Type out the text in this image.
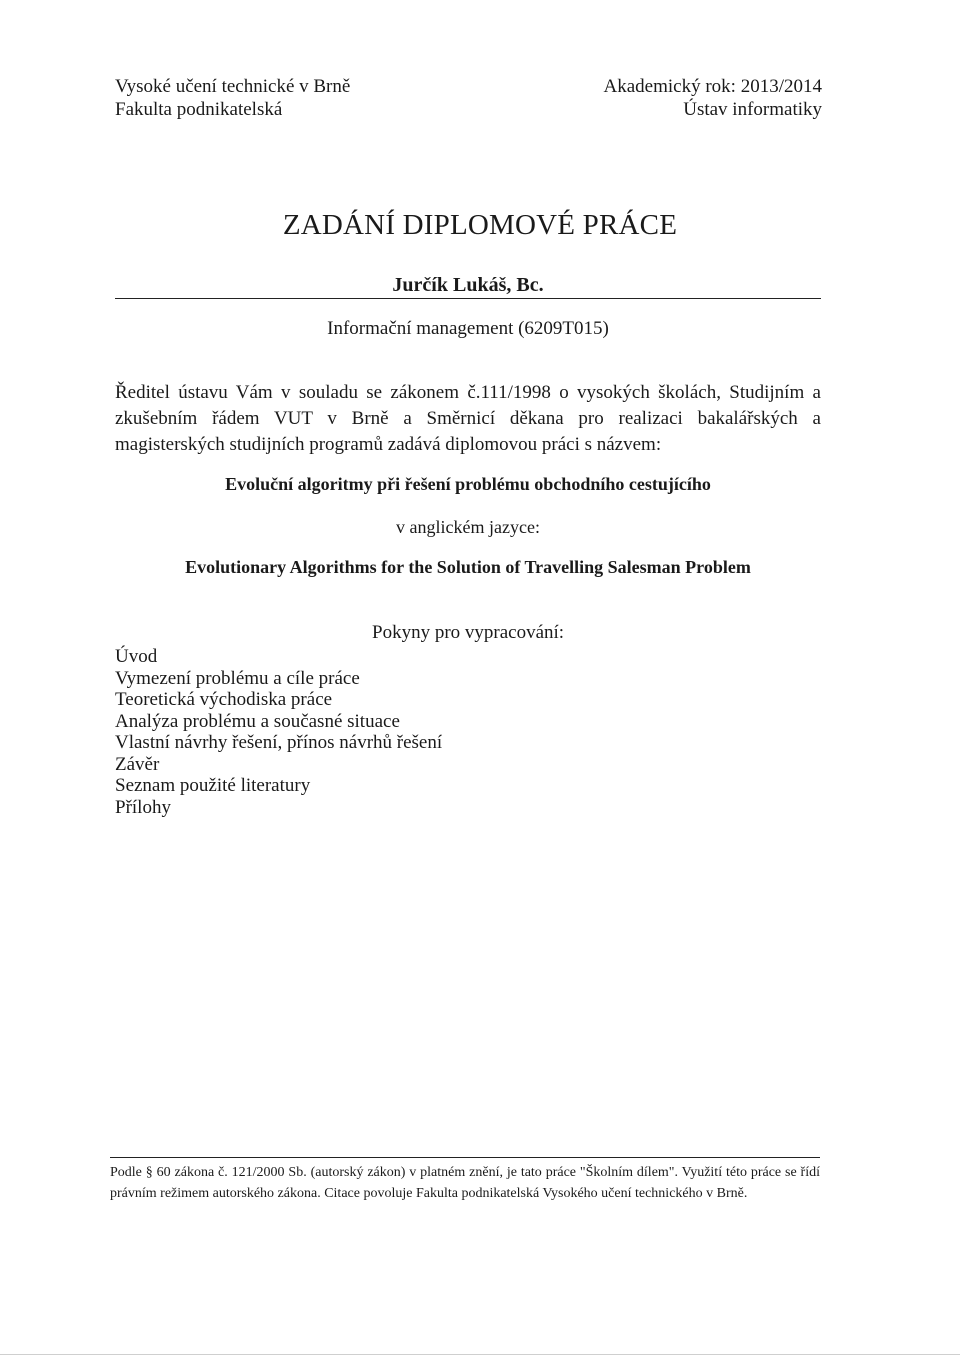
Vysoké učení technické v Brně
Fakulta podnikatelská
Akademický rok: 2013/2014
Ústav informatiky
ZADÁNÍ DIPLOMOVÉ PRÁCE
Jurčík Lukáš, Bc.
Informační management (6209T015)
Ředitel ústavu Vám v souladu se zákonem č.111/1998 o vysokých školách, Studijním a zkušebním řádem VUT v Brně a Směrnicí děkana pro realizaci bakalářských a magisterských studijních programů zadává diplomovou práci s názvem:
Evoluční algoritmy při řešení problému obchodního cestujícího
v anglickém jazyce:
Evolutionary Algorithms for the Solution of Travelling Salesman Problem
Pokyny pro vypracování:
Úvod
Vymezení problému a cíle práce
Teoretická východiska práce
Analýza problému a současné situace
Vlastní návrhy řešení, přínos návrhů řešení
Závěr
Seznam použité literatury
Přílohy
Podle § 60 zákona č. 121/2000 Sb. (autorský zákon) v platném znění, je tato práce "Školním dílem". Využití této práce se řídí právním režimem autorského zákona. Citace povoluje Fakulta podnikatelská Vysokého učení technického v Brně.
